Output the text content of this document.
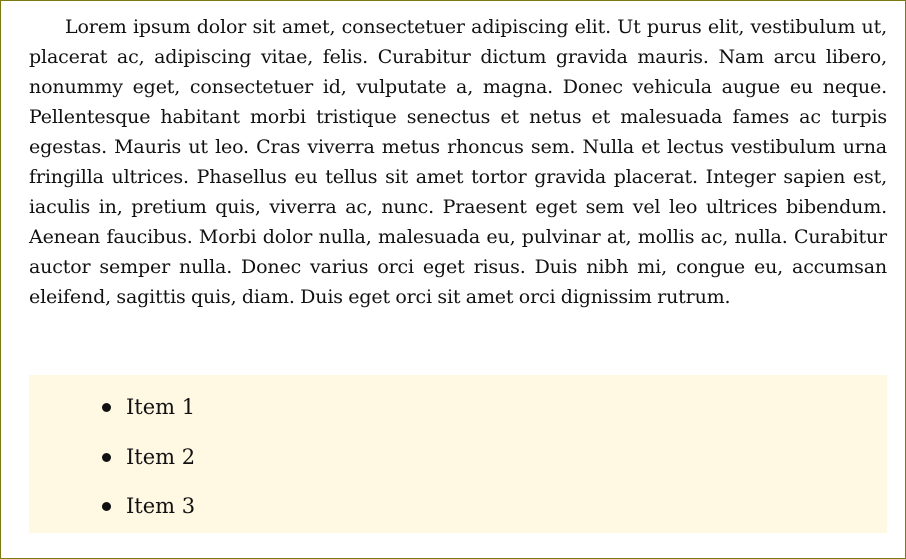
Lorem ipsum dolor sit amet, consectetuer adipiscing elit. Ut purus elit, vestibulum ut, placerat ac, adipiscing vitae, felis. Curabitur dictum gravida mauris. Nam arcu libero, nonummy eget, consectetuer id, vulputate a, magna. Donec vehicula augue eu neque. Pellentesque habitant morbi tristique senectus et netus et malesuada fames ac turpis egestas. Mauris ut leo. Cras viverra metus rhoncus sem. Nulla et lectus vestibulum urna fringilla ultrices. Phasellus eu tellus sit amet tortor gravida placerat. Integer sapien est, iaculis in, pretium quis, viverra ac, nunc. Praesent eget sem vel leo ultrices bibendum. Aenean faucibus. Morbi dolor nulla, malesuada eu, pulvinar at, mollis ac, nulla. Curabitur auctor semper nulla. Donec varius orci eget risus. Duis nibh mi, congue eu, accumsan eleifend, sagittis quis, diam. Duis eget orci sit amet orci dignissim rutrum.

Item 1
Item 2
Item 3
